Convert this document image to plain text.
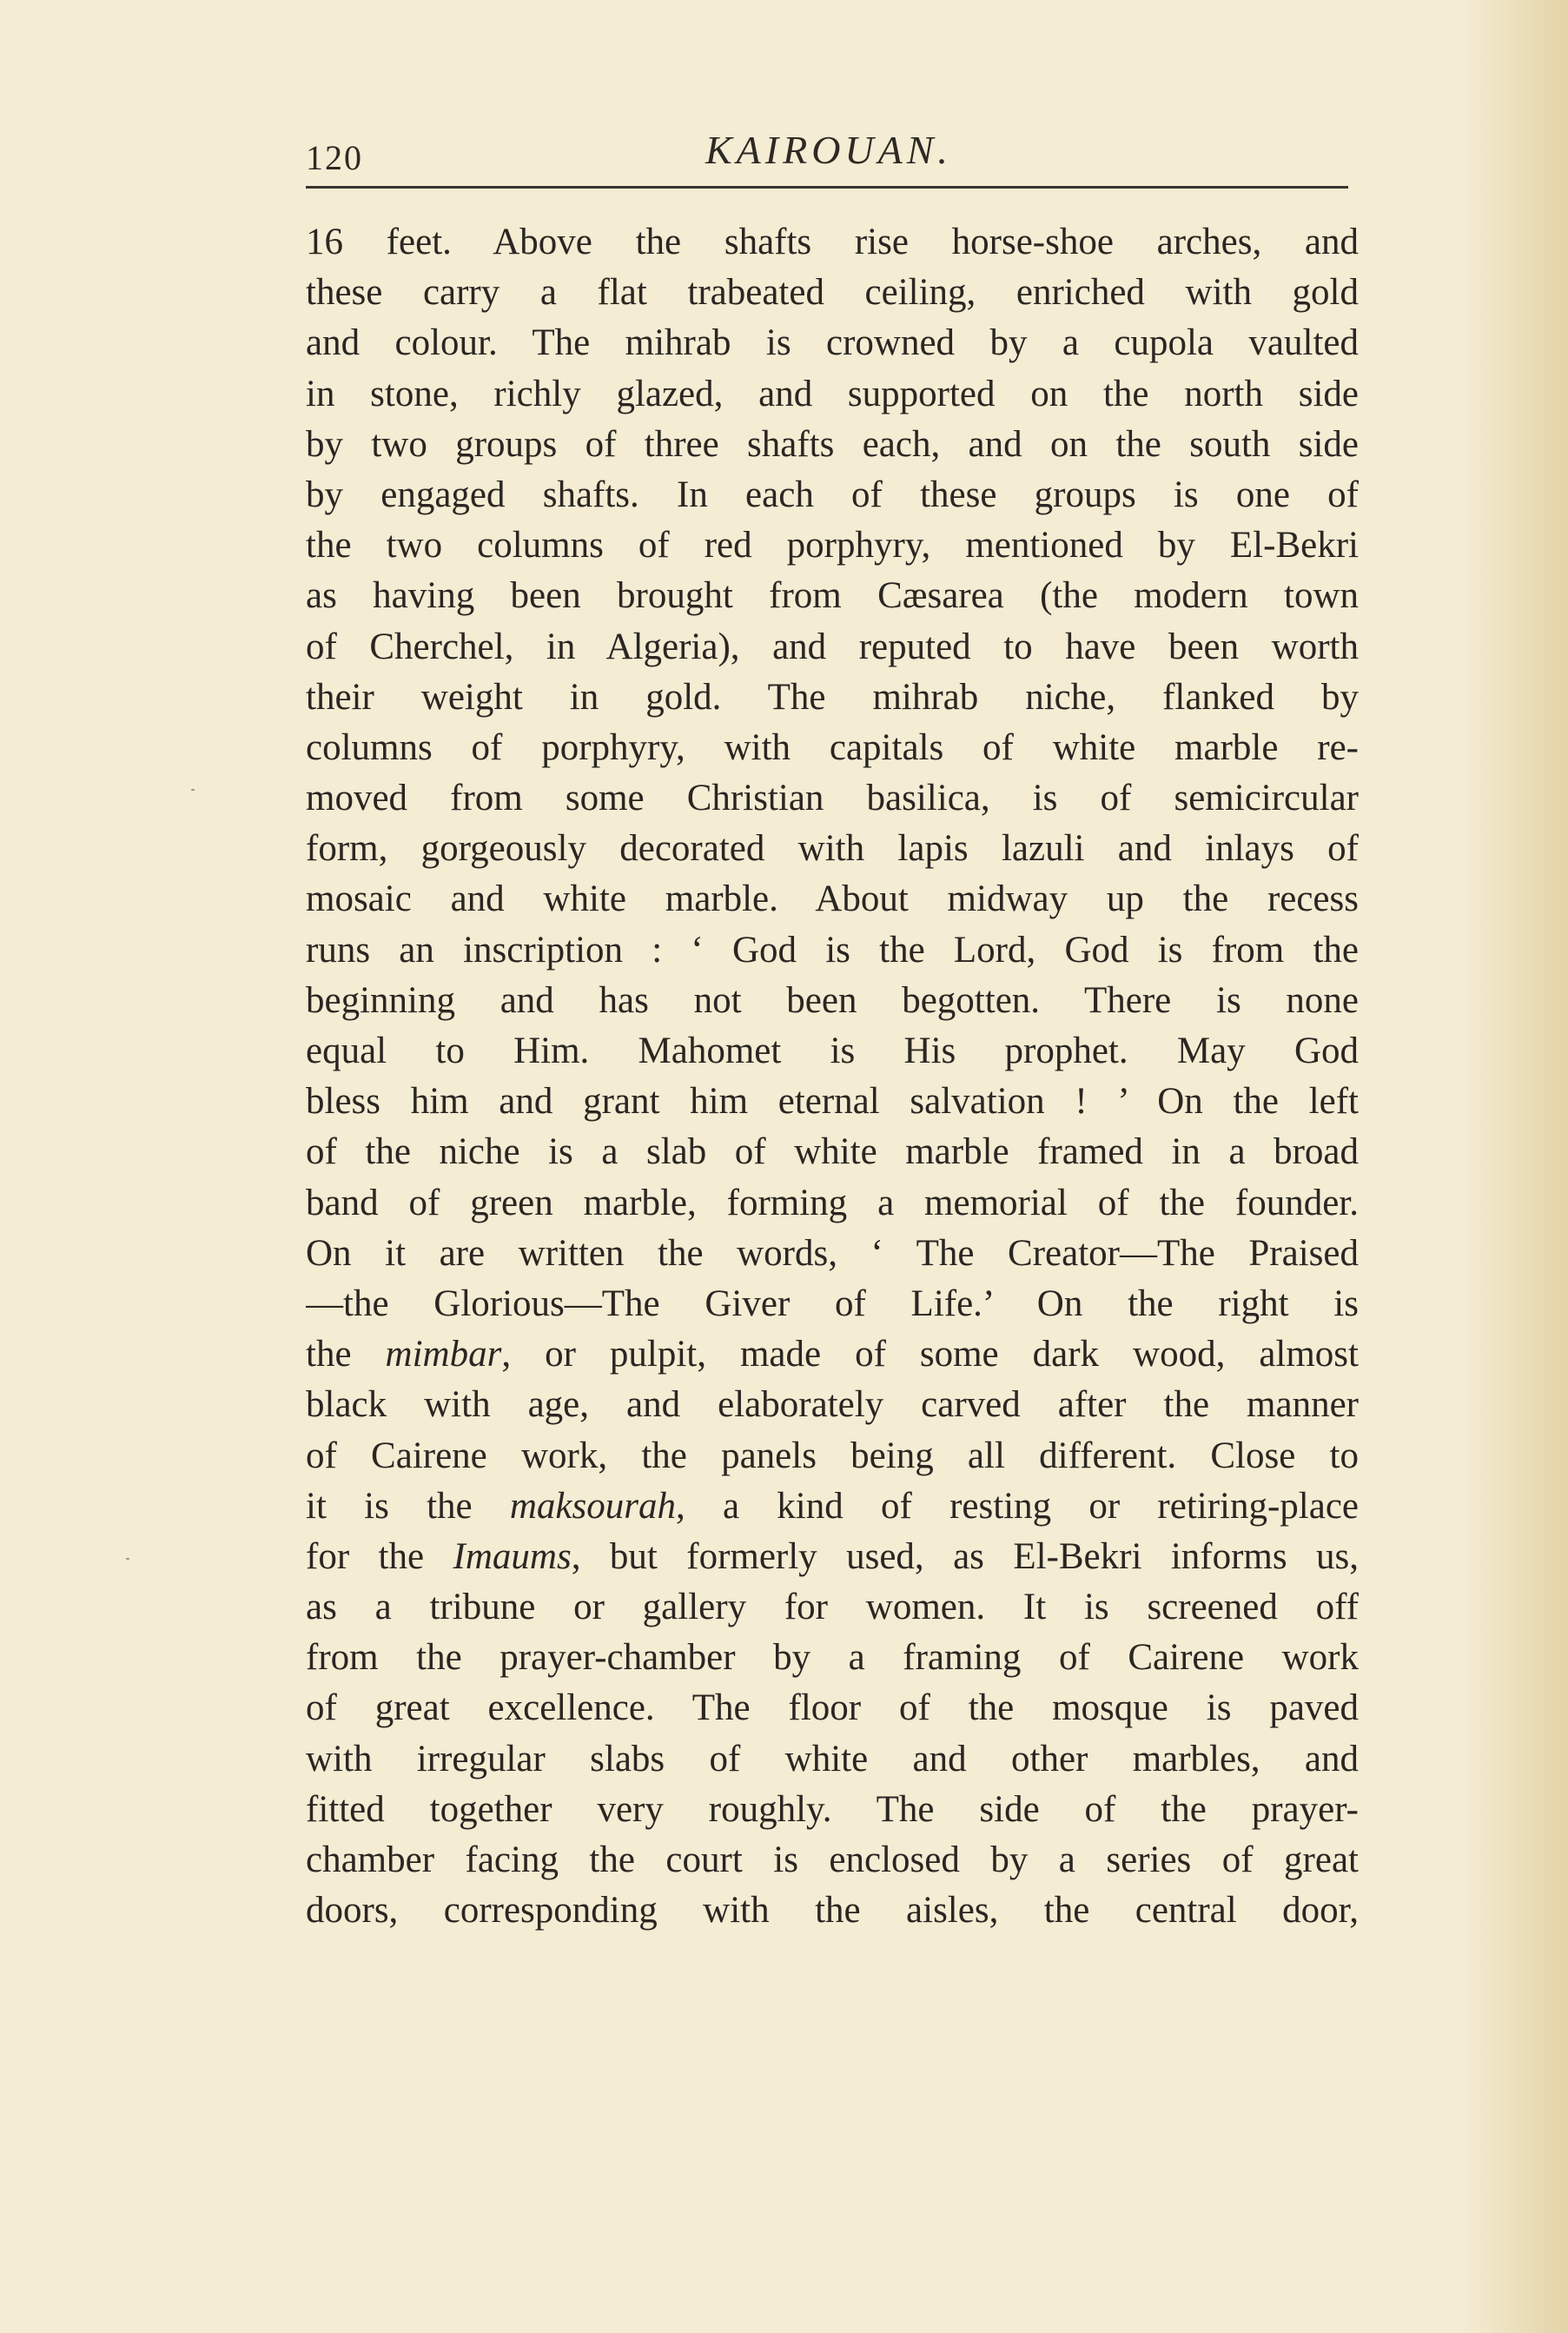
120	KAIROUAN.
16 feet. Above the shafts rise horse-shoe arches, and
these carry a flat trabeated ceiling, enriched with gold
and colour. The mihrab is crowned by a cupola vaulted
in stone, richly glazed, and supported on the north side
by two groups of three shafts each, and on the south side
by engaged shafts. In each of these groups is one of
the two columns of red porphyry, mentioned by El-Bekri
as having been brought from Cæsarea (the modern town
of Cherchel, in Algeria), and reputed to have been worth
their weight in gold. The mihrab niche, flanked by
columns of porphyry, with capitals of white marble re-
moved from some Christian basilica, is of semicircular
form, gorgeously decorated with lapis lazuli and inlays of
mosaic and white marble. About midway up the recess
runs an inscription : ‘ God is the Lord, God is from the
beginning and has not been begotten. There is none
equal to Him. Mahomet is His prophet. May God
bless him and grant him eternal salvation ! ’ On the left
of the niche is a slab of white marble framed in a broad
band of green marble, forming a memorial of the founder.
On it are written the words, ‘ The Creator—The Praised
—the Glorious—The Giver of Life.’ On the right is
the mimbar, or pulpit, made of some dark wood, almost
black with age, and elaborately carved after the manner
of Cairene work, the panels being all different. Close to
it is the maksourah, a kind of resting or retiring-place
for the Imaums, but formerly used, as El-Bekri informs us,
as a tribune or gallery for women. It is screened off
from the prayer-chamber by a framing of Cairene work
of great excellence. The floor of the mosque is paved
with irregular slabs of white and other marbles, and
fitted together very roughly. The side of the prayer-
chamber facing the court is enclosed by a series of great
doors, corresponding with the aisles, the central door,
